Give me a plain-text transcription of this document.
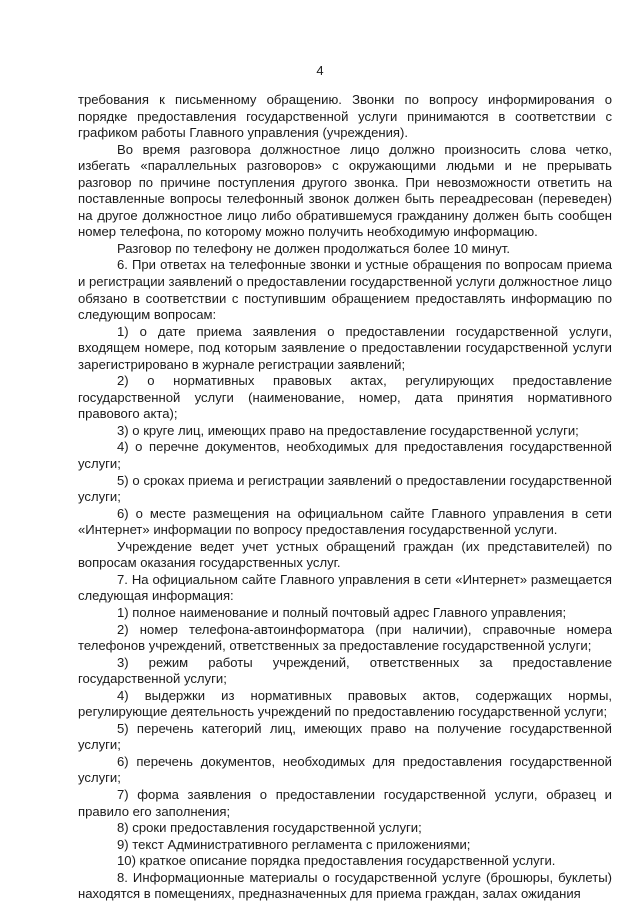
4

требования к письменному обращению. Звонки по вопросу информирования о порядке предоставления государственной услуги принимаются в соответствии с графиком работы Главного управления (учреждения).

Во время разговора должностное лицо должно произносить слова четко, избегать «параллельных разговоров» с окружающими людьми и не прерывать разговор по причине поступления другого звонка. При невозможности ответить на поставленные вопросы телефонный звонок должен быть переадресован (переведен) на другое должностное лицо либо обратившемуся гражданину должен быть сообщен номер телефона, по которому можно получить необходимую информацию.

Разговор по телефону не должен продолжаться более 10 минут.

6. При ответах на телефонные звонки и устные обращения по вопросам приема и регистрации заявлений о предоставлении государственной услуги должностное лицо обязано в соответствии с поступившим обращением предоставлять информацию по следующим вопросам:

1) о дате приема заявления о предоставлении государственной услуги, входящем номере, под которым заявление о предоставлении государственной услуги зарегистрировано в журнале регистрации заявлений;

2) о нормативных правовых актах, регулирующих предоставление государственной услуги (наименование, номер, дата принятия нормативного правового акта);

3) о круге лиц, имеющих право на предоставление государственной услуги;

4) о перечне документов, необходимых для предоставления государственной услуги;

5) о сроках приема и регистрации заявлений о предоставлении государственной услуги;

6) о месте размещения на официальном сайте Главного управления в сети «Интернет» информации по вопросу предоставления государственной услуги.

Учреждение ведет учет устных обращений граждан (их представителей) по вопросам оказания государственных услуг.

7. На официальном сайте Главного управления в сети «Интернет» размещается следующая информация:

1) полное наименование и полный почтовый адрес Главного управления;

2) номер телефона-автоинформатора (при наличии), справочные номера телефонов учреждений, ответственных за предоставление государственной услуги;

3) режим работы учреждений, ответственных за предоставление государственной услуги;

4) выдержки из нормативных правовых актов, содержащих нормы, регулирующие деятельность учреждений по предоставлению государственной услуги;

5) перечень категорий лиц, имеющих право на получение государственной услуги;

6) перечень документов, необходимых для предоставления государственной услуги;

7) форма заявления о предоставлении государственной услуги, образец и правило его заполнения;

8) сроки предоставления государственной услуги;

9) текст Административного регламента с приложениями;

10) краткое описание порядка предоставления государственной услуги.

8. Информационные материалы о государственной услуге (брошюры, буклеты) находятся в помещениях, предназначенных для приема граждан, залах ожидания
